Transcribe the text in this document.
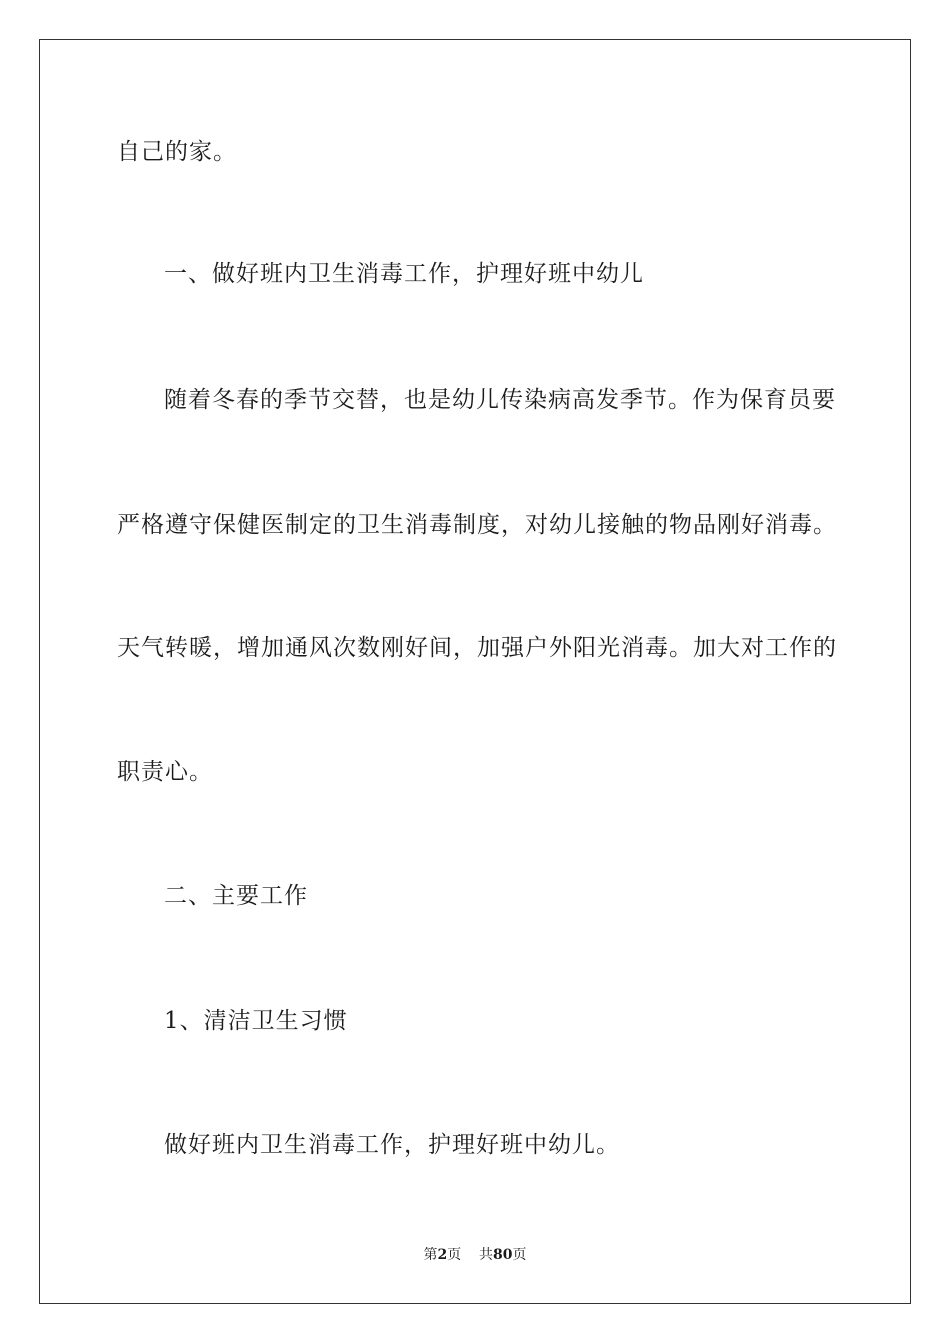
自己的家。
一、做好班内卫生消毒工作，护理好班中幼儿
随着冬春的季节交替，也是幼儿传染病高发季节。作为保育员要
严格遵守保健医制定的卫生消毒制度，对幼儿接触的物品刚好消毒。
天气转暖，增加通风次数刚好间，加强户外阳光消毒。加大对工作的
职责心。
二、主要工作
1、清洁卫生习惯
做好班内卫生消毒工作，护理好班中幼儿。
第2页 共80页
